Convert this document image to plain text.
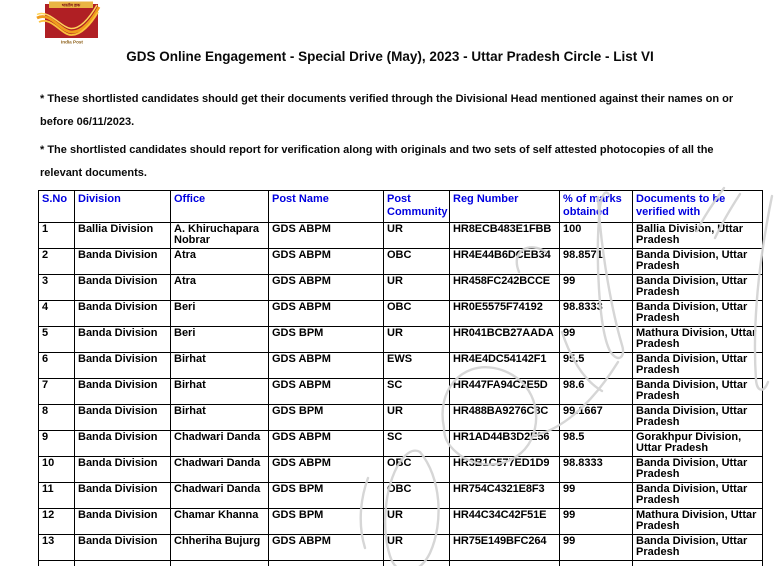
भारतीय डाक
India Post
GDS Online Engagement - Special Drive (May), 2023 - Uttar Pradesh Circle - List VI

* These shortlisted candidates should get their documents verified through the Divisional Head mentioned against their names on or before 06/11/2023.

* The shortlisted candidates should report for verification along with originals and two sets of self attested photocopies of all the relevant documents.

S.No	Division	Office	Post Name	Post Community	Reg Number	% of marks obtained	Documents to be verified with
1	Ballia Division	A. Khiruchapara Nobrar	GDS ABPM	UR	HR8ECB483E1FBB	100	Ballia Division, Uttar Pradesh
2	Banda Division	Atra	GDS ABPM	OBC	HR4E44B6DCEB34	98.8571	Banda Division, Uttar Pradesh
3	Banda Division	Atra	GDS ABPM	UR	HR458FC242BCCE	99	Banda Division, Uttar Pradesh
4	Banda Division	Beri	GDS ABPM	OBC	HR0E5575F74192	98.8333	Banda Division, Uttar Pradesh
5	Banda Division	Beri	GDS BPM	UR	HR041BCB27AADA	99	Mathura Division, Uttar Pradesh
6	Banda Division	Birhat	GDS ABPM	EWS	HR4E4DC54142F1	95.5	Banda Division, Uttar Pradesh
7	Banda Division	Birhat	GDS ABPM	SC	HR447FA94C2E5D	98.6	Banda Division, Uttar Pradesh
8	Banda Division	Birhat	GDS BPM	UR	HR488BA9276C8C	99.1667	Banda Division, Uttar Pradesh
9	Banda Division	Chadwari Danda	GDS ABPM	SC	HR1AD44B3D2E56	98.5	Gorakhpur Division, Uttar Pradesh
10	Banda Division	Chadwari Danda	GDS ABPM	OBC	HR3B1C577ED1D9	98.8333	Banda Division, Uttar Pradesh
11	Banda Division	Chadwari Danda	GDS BPM	OBC	HR754C4321E8F3	99	Banda Division, Uttar Pradesh
12	Banda Division	Chamar Khanna	GDS BPM	UR	HR44C34C42F51E	99	Mathura Division, Uttar Pradesh
13	Banda Division	Chheriha Bujurg	GDS ABPM	UR	HR75E149BFC264	99	Banda Division, Uttar Pradesh
